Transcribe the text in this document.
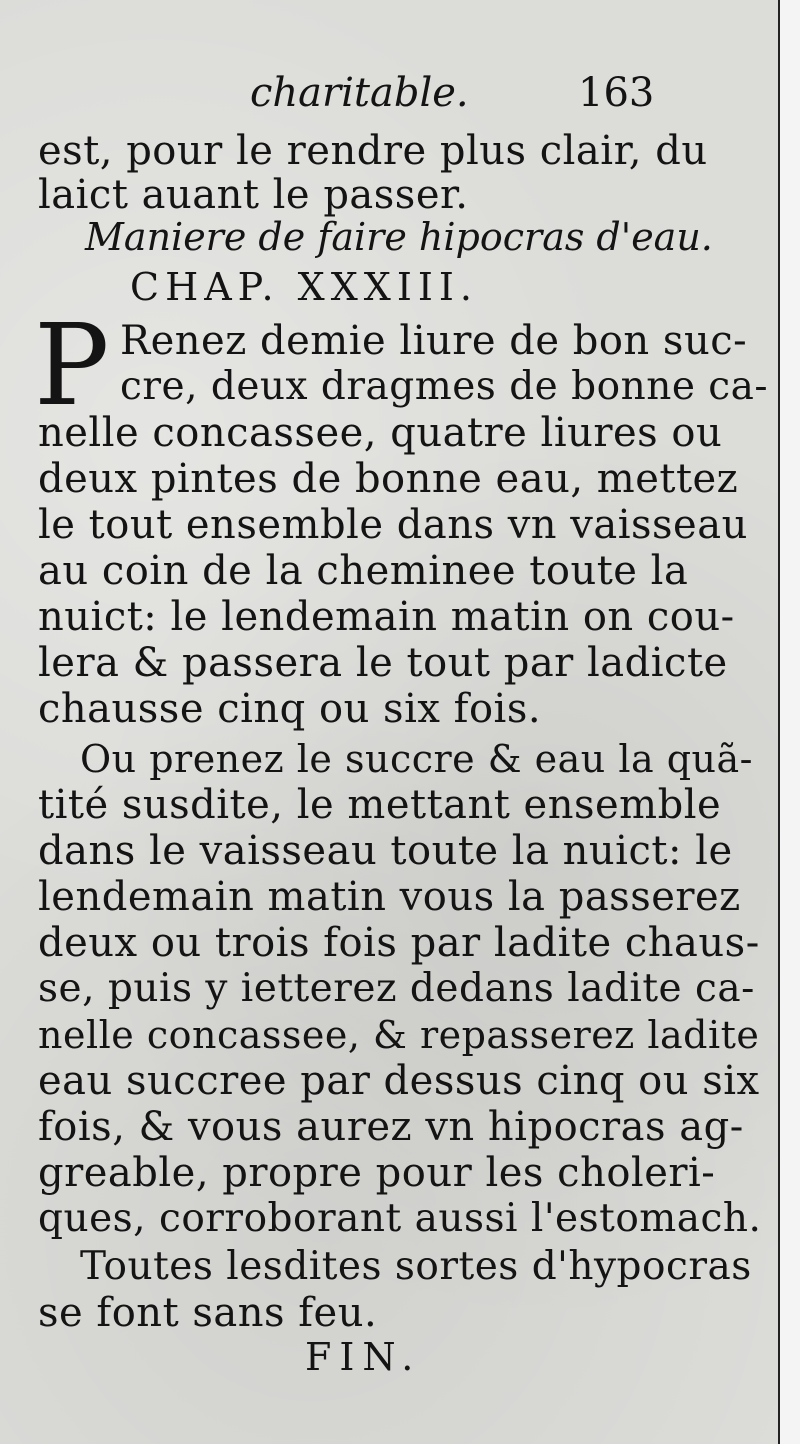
charitable.	163
est, pour le rendre plus clair, du
laict auant le passer.
Maniere de faire hipocras d'eau.
CHAP. XXXIII.
P Renez demie liure de bon suc-
cre, deux dragmes de bonne ca-
nelle concassee, quatre liures ou
deux pintes de bonne eau, mettez
le tout ensemble dans vn vaisseau
au coin de la cheminee toute la
nuict: le lendemain matin on cou-
lera & passera le tout par ladicte
chausse cinq ou six fois.
Ou prenez le succre & eau la quã-
tité susdite, le mettant ensemble
dans le vaisseau toute la nuict: le
lendemain matin vous la passerez
deux ou trois fois par ladite chaus-
se, puis y ietterez dedans ladite ca-
nelle concassee, & repasserez ladite
eau succree par dessus cinq ou six
fois, & vous aurez vn hipocras ag-
greable, propre pour les choleri-
ques, corroborant aussi l'estomach.
Toutes lesdites sortes d'hypocras
se font sans feu.
FIN.
